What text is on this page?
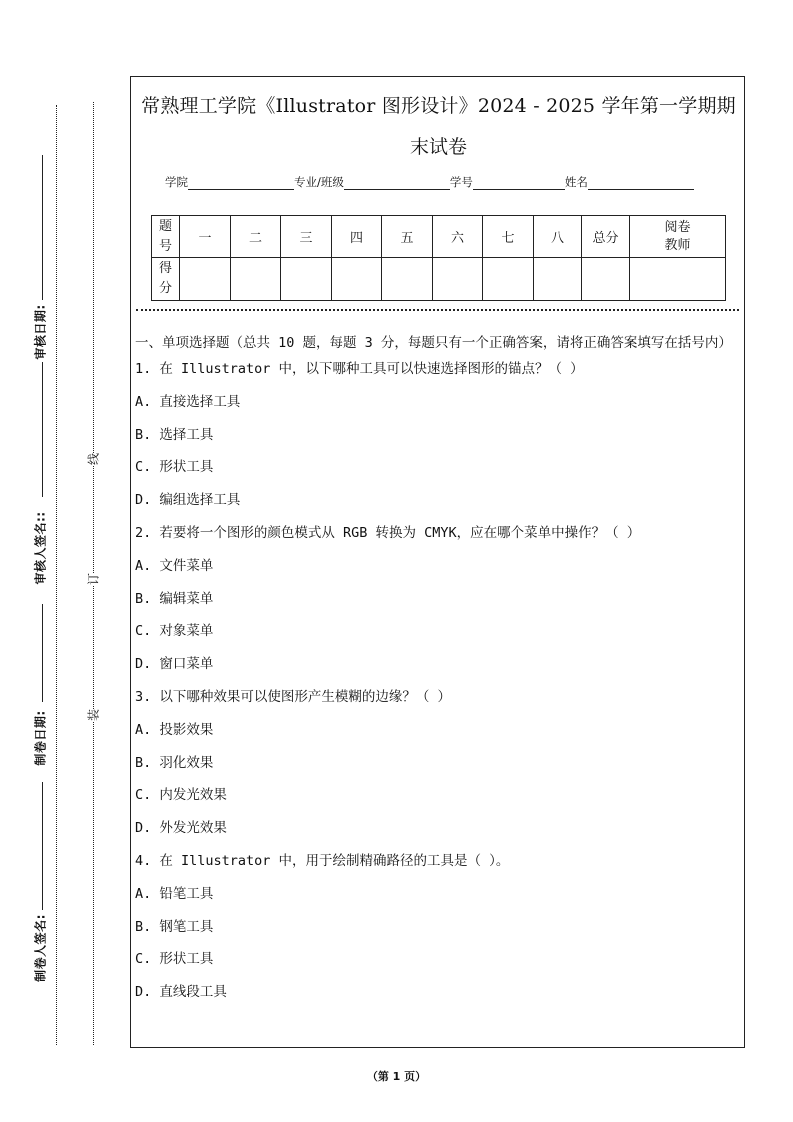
审核日期:
审核人签名::
制卷日期:
制卷人签名:
线
订
装
常熟理工学院《Illustrator 图形设计》2024 - 2025 学年第一学期期
末试卷
学院	专业/班级	学号	姓名
题号	一	二	三	四	五	六	七	八	总分	阅卷教师
得分										
一、单项选择题（总共 10 题，每题 3 分，每题只有一个正确答案，请将正确答案填写在括号内）
1. 在 Illustrator 中，以下哪种工具可以快速选择图形的锚点？（ ）
A. 直接选择工具
B. 选择工具
C. 形状工具
D. 编组选择工具
2. 若要将一个图形的颜色模式从 RGB 转换为 CMYK，应在哪个菜单中操作？（ ）
A. 文件菜单
B. 编辑菜单
C. 对象菜单
D. 窗口菜单
3. 以下哪种效果可以使图形产生模糊的边缘？（ ）
A. 投影效果
B. 羽化效果
C. 内发光效果
D. 外发光效果
4. 在 Illustrator 中，用于绘制精确路径的工具是（ ）。
A. 铅笔工具
B. 钢笔工具
C. 形状工具
D. 直线段工具
（第 1 页）
